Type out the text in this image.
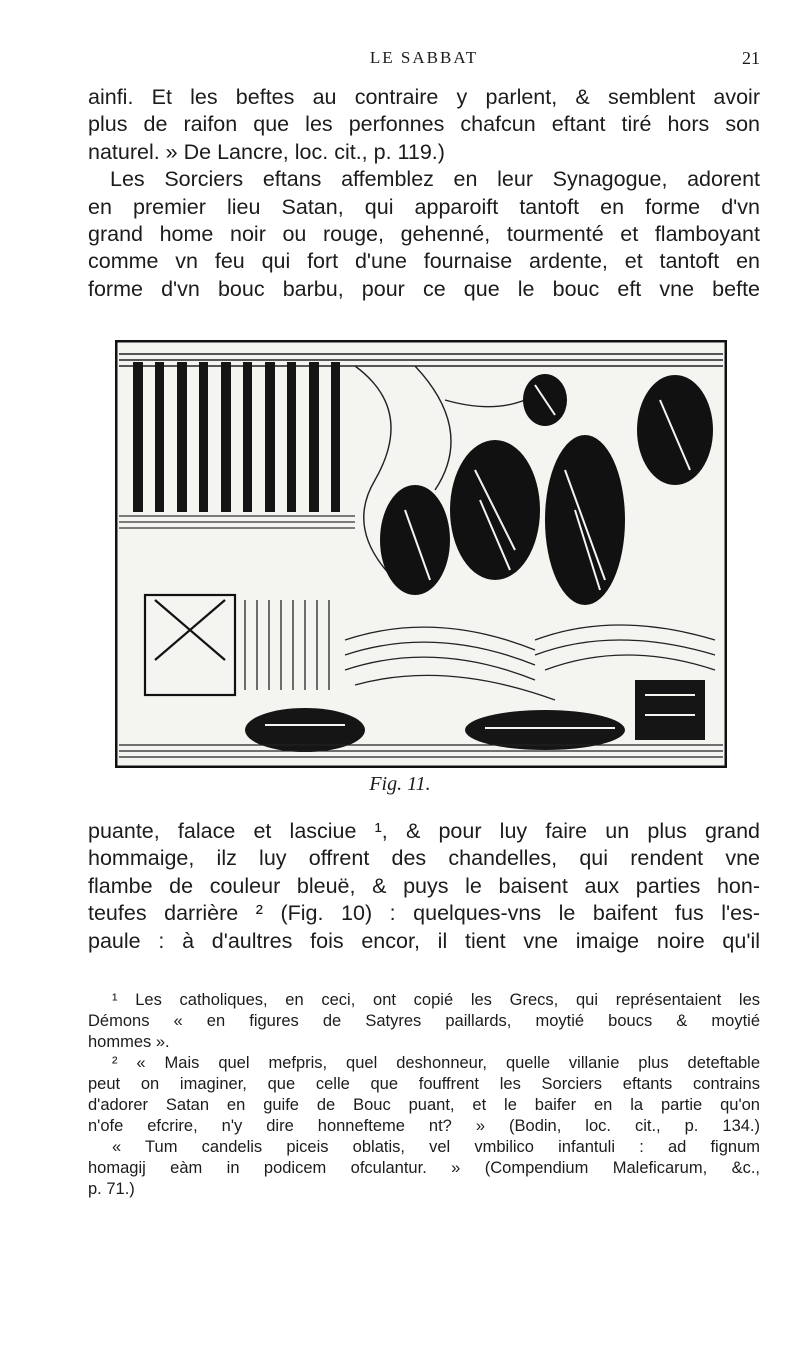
LE SABBAT	21

ainfi. Et les beftes au contraire y parlent, & semblent avoir
plus de raifon que les perfonnes chafcun eftant tiré hors son
naturel. » De Lancre, loc. cit., p. 119.)
Les Sorciers eftans affemblez en leur Synagogue, adorent
en premier lieu Satan, qui apparoift tantoft en forme d'vn
grand home noir ou rouge, gehenné, tourmenté et flamboyant
comme vn feu qui fort d'une fournaise ardente, et tantoft en
forme d'vn bouc barbu, pour ce que le bouc eft vne befte

Fig. 11.

puante, falace et lasciue ¹, & pour luy faire un plus grand
hommaige, ilz luy offrent des chandelles, qui rendent vne
flambe de couleur bleuë, & puys le baisent aux parties hon-
teufes darrière ² (Fig. 10) : quelques-vns le baifent fus l'es-
paule : à d'aultres fois encor, il tient vne imaige noire qu'il

¹ Les catholiques, en ceci, ont copié les Grecs, qui représentaient les
Démons « en figures de Satyres paillards, moytié boucs & moytié
hommes ».

² « Mais quel mefpris, quel deshonneur, quelle villanie plus deteftable
peut on imaginer, que celle que fouffrent les Sorciers eftants contrains
d'adorer Satan en guife de Bouc puant, et le baifer en la partie qu'on
n'ofe efcrire, n'y dire honnefteme nt? » (Bodin, loc. cit., p. 134.)
« Tum candelis piceis oblatis, vel vmbilico infantuli : ad fignum
homagij eàm in podicem ofculantur. » (Compendium Maleficarum, &c.,
p. 71.)
